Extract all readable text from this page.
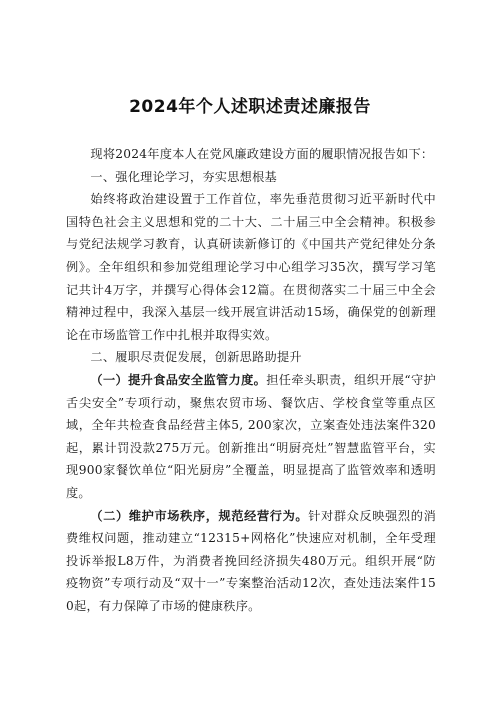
2024年个人述职述责述廉报告

现将2024年度本人在党风廉政建设方面的履职情况报告如下：

一、强化理论学习，夯实思想根基

始终将政治建设置于工作首位，率先垂范贯彻习近平新时代中国特色社会主义思想和党的二十大、二十届三中全会精神。积极参与党纪法规学习教育，认真研读新修订的《中国共产党纪律处分条例》。全年组织和参加党组理论学习中心组学习35次，撰写学习笔记共计4万字，并撰写心得体会12篇。在贯彻落实二十届三中全会精神过程中，我深入基层一线开展宣讲活动15场，确保党的创新理论在市场监管工作中扎根并取得实效。

二、履职尽责促发展，创新思路助提升

（一）提升食品安全监管力度。担任牵头职责，组织开展“守护舌尖安全”专项行动，聚焦农贸市场、餐饮店、学校食堂等重点区域，全年共检查食品经营主体5, 200家次，立案查处违法案件320起，累计罚没款275万元。创新推出“明厨亮灶”智慧监管平台，实现900家餐饮单位“阳光厨房”全覆盖，明显提高了监管效率和透明度。

（二）维护市场秩序，规范经营行为。针对群众反映强烈的消费维权问题，推动建立“12315+网格化”快速应对机制，全年受理投诉举报L8万件，为消费者挽回经济损失480万元。组织开展“防疫物资”专项行动及“双十一”专案整治活动12次，查处违法案件150起，有力保障了市场的健康秩序。
